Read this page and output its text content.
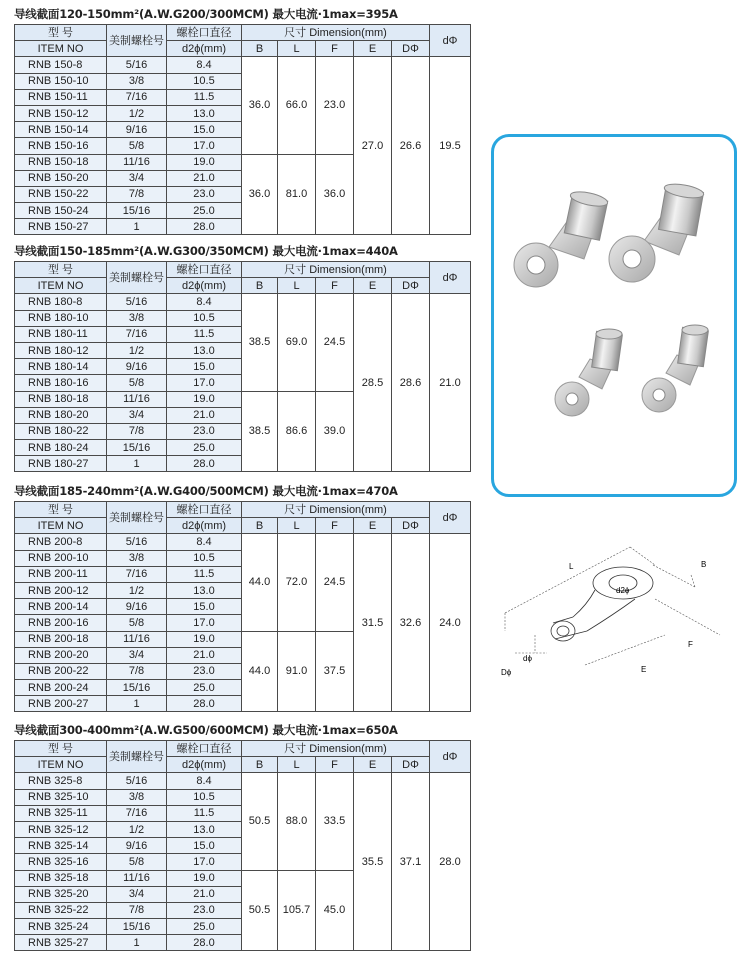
导线截面120-150mm²(A.W.G200/300MCM) 最大电流·1max=395A
型 号	美制螺栓号	螺栓口直径	尺寸 Dimension(mm)					dΦ
ITEM NO		d2ϕ(mm)	B	L	F	E	DΦ	
RNB 150-8	5/16	8.4	36.0	66.0	23.0	27.0	26.6	19.5
RNB 150-10	3/8	10.5						
RNB 150-11	7/16	11.5						
RNB 150-12	1/2	13.0						
RNB 150-14	9/16	15.0						
RNB 150-16	5/8	17.0						
RNB 150-18	11/16	19.0	36.0	81.0	36.0			
RNB 150-20	3/4	21.0						
RNB 150-22	7/8	23.0						
RNB 150-24	15/16	25.0						
RNB 150-27	1	28.0						
导线截面150-185mm²(A.W.G300/350MCM) 最大电流·1max=440A
型 号	美制螺栓号	螺栓口直径	尺寸 Dimension(mm)					dΦ
ITEM NO		d2ϕ(mm)	B	L	F	E	DΦ	
RNB 180-8	5/16	8.4	38.5	69.0	24.5	28.5	28.6	21.0
RNB 180-10	3/8	10.5						
RNB 180-11	7/16	11.5						
RNB 180-12	1/2	13.0						
RNB 180-14	9/16	15.0						
RNB 180-16	5/8	17.0						
RNB 180-18	11/16	19.0	38.5	86.6	39.0			
RNB 180-20	3/4	21.0						
RNB 180-22	7/8	23.0						
RNB 180-24	15/16	25.0						
RNB 180-27	1	28.0						
导线截面185-240mm²(A.W.G400/500MCM) 最大电流·1max=470A
型 号	美制螺栓号	螺栓口直径	尺寸 Dimension(mm)					dΦ
ITEM NO		d2ϕ(mm)	B	L	F	E	DΦ	
RNB 200-8	5/16	8.4	44.0	72.0	24.5	31.5	32.6	24.0
RNB 200-10	3/8	10.5						
RNB 200-11	7/16	11.5						
RNB 200-12	1/2	13.0						
RNB 200-14	9/16	15.0						
RNB 200-16	5/8	17.0						
RNB 200-18	11/16	19.0	44.0	91.0	37.5			
RNB 200-20	3/4	21.0						
RNB 200-22	7/8	23.0						
RNB 200-24	15/16	25.0						
RNB 200-27	1	28.0						
导线截面300-400mm²(A.W.G500/600MCM) 最大电流·1max=650A
型 号	美制螺栓号	螺栓口直径	尺寸 Dimension(mm)					dΦ
ITEM NO		d2ϕ(mm)	B	L	F	E	DΦ	
RNB 325-8	5/16	8.4	50.5	88.0	33.5	35.5	37.1	28.0
RNB 325-10	3/8	10.5						
RNB 325-11	7/16	11.5						
RNB 325-12	1/2	13.0						
RNB 325-14	9/16	15.0						
RNB 325-16	5/8	17.0						
RNB 325-18	11/16	19.0	50.5	105.7	45.0			
RNB 325-20	3/4	21.0						
RNB 325-22	7/8	23.0						
RNB 325-24	15/16	25.0						
RNB 325-27	1	28.0						
L	B
F
E
d2ϕ
dϕ
Dϕ
